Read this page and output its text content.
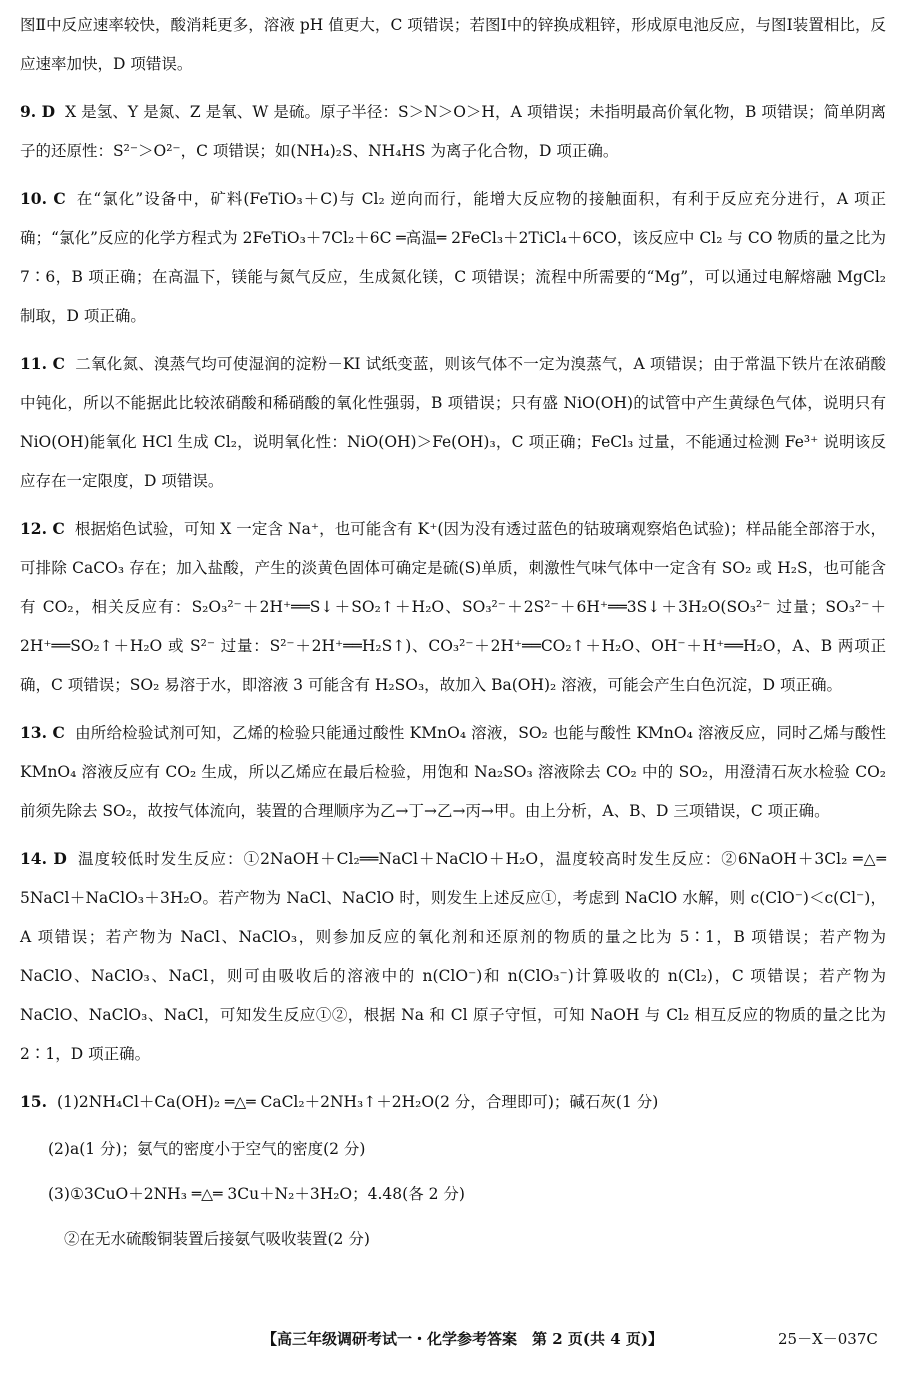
图Ⅱ中反应速率较快，酸消耗更多，溶液 pH 值更大，C 项错误；若图Ⅰ中的锌换成粗锌，形成原电池反应，与图Ⅰ装置相比，反应速率加快，D 项错误。

9. D X 是氢、Y 是氮、Z 是氧、W 是硫。原子半径：S＞N＞O＞H，A 项错误；未指明最高价氧化物，B 项错误；简单阴离子的还原性：S²⁻＞O²⁻，C 项错误；如(NH₄)₂S、NH₄HS 为离子化合物，D 项正确。

10. C 在“氯化”设备中，矿料(FeTiO₃＋C)与 Cl₂ 逆向而行，能增大反应物的接触面积，有利于反应充分进行，A 项正确；“氯化”反应的化学方程式为 2FeTiO₃＋7Cl₂＋6C ═高温═ 2FeCl₃＋2TiCl₄＋6CO，该反应中 Cl₂ 与 CO 物质的量之比为 7∶6，B 项正确；在高温下，镁能与氮气反应，生成氮化镁，C 项错误；流程中所需要的“Mg”，可以通过电解熔融 MgCl₂ 制取，D 项正确。

11. C 二氧化氮、溴蒸气均可使湿润的淀粉－KI 试纸变蓝，则该气体不一定为溴蒸气，A 项错误；由于常温下铁片在浓硝酸中钝化，所以不能据此比较浓硝酸和稀硝酸的氧化性强弱，B 项错误；只有盛 NiO(OH)的试管中产生黄绿色气体，说明只有 NiO(OH)能氧化 HCl 生成 Cl₂，说明氧化性：NiO(OH)＞Fe(OH)₃，C 项正确；FeCl₃ 过量，不能通过检测 Fe³⁺ 说明该反应存在一定限度，D 项错误。

12. C 根据焰色试验，可知 X 一定含 Na⁺，也可能含有 K⁺(因为没有透过蓝色的钴玻璃观察焰色试验)；样品能全部溶于水，可排除 CaCO₃ 存在；加入盐酸，产生的淡黄色固体可确定是硫(S)单质，刺激性气味气体中一定含有 SO₂ 或 H₂S，也可能含有 CO₂，相关反应有：S₂O₃²⁻＋2H⁺══S↓＋SO₂↑＋H₂O、SO₃²⁻＋2S²⁻＋6H⁺══3S↓＋3H₂O(SO₃²⁻ 过量；SO₃²⁻＋2H⁺══SO₂↑＋H₂O 或 S²⁻ 过量：S²⁻＋2H⁺══H₂S↑)、CO₃²⁻＋2H⁺══CO₂↑＋H₂O、OH⁻＋H⁺══H₂O，A、B 两项正确，C 项错误；SO₂ 易溶于水，即溶液 3 可能含有 H₂SO₃，故加入 Ba(OH)₂ 溶液，可能会产生白色沉淀，D 项正确。

13. C 由所给检验试剂可知，乙烯的检验只能通过酸性 KMnO₄ 溶液，SO₂ 也能与酸性 KMnO₄ 溶液反应，同时乙烯与酸性 KMnO₄ 溶液反应有 CO₂ 生成，所以乙烯应在最后检验，用饱和 Na₂SO₃ 溶液除去 CO₂ 中的 SO₂，用澄清石灰水检验 CO₂ 前须先除去 SO₂，故按气体流向，装置的合理顺序为乙→丁→乙→丙→甲。由上分析，A、B、D 三项错误，C 项正确。

14. D 温度较低时发生反应：①2NaOH＋Cl₂══NaCl＋NaClO＋H₂O，温度较高时发生反应：②6NaOH＋3Cl₂ ═△═ 5NaCl＋NaClO₃＋3H₂O。若产物为 NaCl、NaClO 时，则发生上述反应①，考虑到 NaClO 水解，则 c(ClO⁻)＜c(Cl⁻)，A 项错误；若产物为 NaCl、NaClO₃，则参加反应的氧化剂和还原剂的物质的量之比为 5∶1，B 项错误；若产物为 NaClO、NaClO₃、NaCl，则可由吸收后的溶液中的 n(ClO⁻)和 n(ClO₃⁻)计算吸收的 n(Cl₂)，C 项错误；若产物为 NaClO、NaClO₃、NaCl，可知发生反应①②，根据 Na 和 Cl 原子守恒，可知 NaOH 与 Cl₂ 相互反应的物质的量之比为 2∶1，D 项正确。

15. (1)2NH₄Cl＋Ca(OH)₂ ═△═ CaCl₂＋2NH₃↑＋2H₂O(2 分，合理即可)；碱石灰(1 分)

(2)a(1 分)；氨气的密度小于空气的密度(2 分)

(3)①3CuO＋2NH₃ ═△═ 3Cu＋N₂＋3H₂O；4.48(各 2 分)

②在无水硫酸铜装置后接氨气吸收装置(2 分)

【高三年级调研考试一・化学参考答案　第 2 页(共 4 页)】	25－X－037C
